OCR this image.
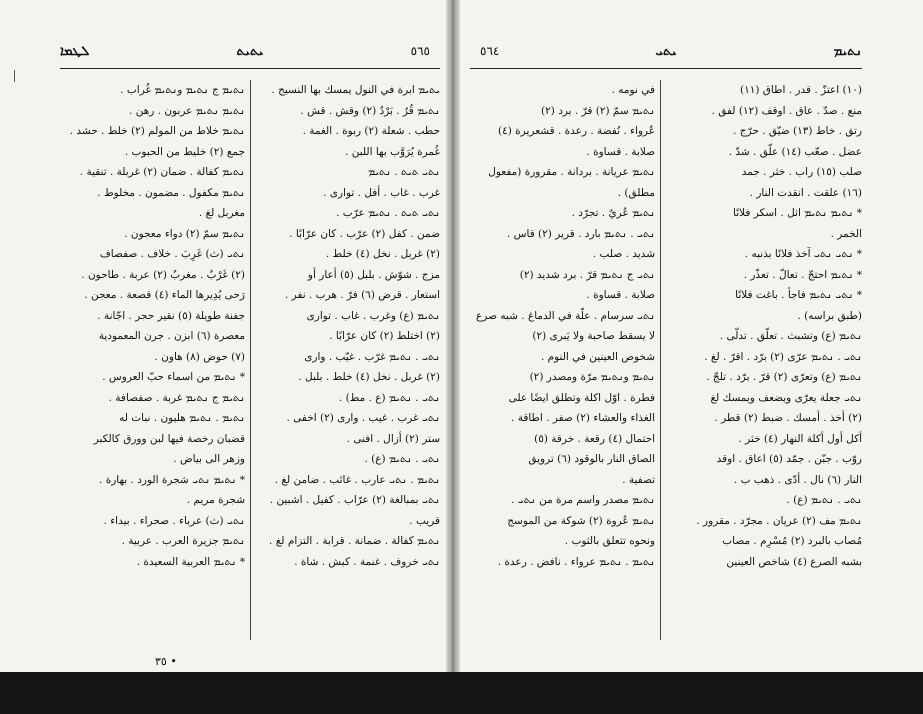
ܠܛܡܐ	ܝܬܝܬ	٥٦٥
ܝܬܝܡ ابرة في النول يمسك بها النسيج .
ܢܬܝܡ قُرٌ . بَرْدٌ (٢) وقش . قش .
حطب . شعلة (٢) ربوة . الغمة .
غُمرة يُرَوَّب بها اللبن .
ܢܬܝ ܬܝܬ . ܢܬܝܡ
غرب . غاب . أفل . توارى .
ܢܬܝ ܬܝܬ . ܢܬܝܡ عرّب .
ضمن . كفل (٢) عرّب . كان عرّابًا .
(٢) غربل . نخل (٤) خلط .
مزج . شوّش . بلبل (٥) أعار أو
استعار . قرض (٦) فرّ . هرب . نفر .
ܢܬܝܡ (ع) وغرب . غاب . توارى
(٢) اختلط (٢) كان عرّابًا .
ܢܬܝ . ܢܬܝܡ غرّب . غيّب . وارى
(٢) غربل . نخل (٤) خلط . بلبل .
ܢܬܝ . ܢܬܝܡ (ع . مط) .
ܢܬܝ غرب . غيب . وارى (٢) اخفى .
ستر (٢) أزال . افنى .
ܢܬܝ . ܢܬܝܡ (ع) .
ܢܬܝܡ . ܢܬܝ عارب . غائب . ضامن لغ .
ܢܬܝ بمبالغة (٢) عرّاب . كفيل . اشبين .
قريب .
ܢܬܝܡ كفالة . ضمانة . قرابة . التزام لغ .
ܢܬܝ خروف . غنمة . كبش . شاة .
ܢܬܝܡ ج ܢܬܝܡ وܢܬܝܡ غُراب .
ܢܬܝܡ ܢܬܝܡ عربون . رهن .
ܢܬܝܡ خلاط من المولم (٢) خلط . حشد .
جمع (٢) خليط من الحبوب .
ܢܬܝܡ كفالة . ضمان (٢) غربلة . تنقية .
ܢܬܝܡ مكفول . مضمون . مخلوط .
مغربل لغ .
ܢܬܝܡ سمّ (٢) دواء معجون .
ܢܬܝ (ث) غَرِبَ . خلاف . صفصاف
(٢) غَرْبٌ . مغربٌ (٢) عربة . طاحون .
رَحى يُدِيرها الماء (٤) قصعة . معجن .
جفنة طويلة (٥) نقير حجر . اجّانة .
معصرة (٦) ابزن . جرن المعمودية
(٧) حوض (٨) هاون .
* ܢܬܝܡ من اسماء حبّ العروس .
ܢܬܝܡ ج ܢܬܝܡ غربة . صفصافة .
ܢܬܝܡ . ܢܬܝܡ هليون . نبات له
قضبان رخصة فيها لبن وورق كالكبر
وزهر الى بياض .
* ܢܬܝܡ ܢܬܝ شجرة الورد . بهارة .
شجرة مريم .
ܢܬܝ (ث) عرباء . صحراء . بيداء .
ܢܬܝܡ جزيرة العرب . عربية .
* ܢܬܝܡ العربية السعيدة .
٣٥ •
٥٦٤	ܝܬܝ	ܢܬܝܡ
(١٠) اعتزّ . قدر . اطاق (١١)
منع . صدّ . عاق . اوقف (١٢) لفق .
رتق . خاط (١٣) ضيّق . حرّج .
عضل . صعّب (١٤) علّق . شدّ .
صلب (١٥) راب . خثر . جمد
(١٦) علقت . انقدت النار .
* ܢܬܝܡ ܢܬܝܡ اثل . اسكر فلانًا
الخمر .
* ܢܬܝ ܢܬܝ آخذ فلانًا بذنبه .
* ܢܬܝܡ احتجّ . تعالّ . تعذّر .
* ܢܬܝ ܢܬܝܡ فاجأ . باغت فلانًا
(طبق براسه) .
ܢܬܝܡ (ع) وتشبث . تعلّق . تدلّى .
ܢܬܝ . ܢܬܝܡ عرّى (٢) برّد . اقرّ . لغ .
ܢܬܝܡ (ع) وتعرّى (٢) قرّ . برّد . تلجّ .
ܢܬܝ جعلة يعرّى ويضعف ويمسك لغ
(٢) أخذ . أمسك . ضبط (٢) قطر .
أكل أول أكلة النهار (٤) خثر .
روّب . جبّن . جمّد (٥) اعاق . اوقد
النار (٦) نال . أدّى . ذهب ب .
ܢܬܝ . ܢܬܝܡ (ع) .
ܢܬܝܡ مف (٢) عريان . مجرّد . مقرور .
مُصاب بالبرد (٢) مُسْرِم . مصاب
بشبه الصرع (٤) شاخص العينين
في نومه .
ܢܬܝܡ سمّ (٢) قرّ . برد (٢)
عُرواء . نُفضة . رعدة . قشعريرة (٤)
صلابة . قساوة .
ܢܬܝܡ عريانة . بردانة . مقرورة (مفعول
مطلق) .
ܢܬܝܡ عُريٌ . تجرّد .
ܢܬܝ . ܢܬܝܡ بارد . قرير (٢) قاس .
شديد . صلب .
ܢܬܝ ج ܢܬܝܡ قرّ . برد شديد (٢)
صلابة . قساوة .
ܢܬܝ سرسام . علّة في الدماغ . شبه صرع
لا يسقط صاحبة ولا يَبرى (٢)
شخوص العينين في النوم .
ܢܬܝܡ وܢܬܝܡ مرّة ومصدر (٢)
فطرة . اوّل اكلة وتطلق ايضًا على
الغذاء والعشاء (٢) صفر . اطاقة .
احتمال (٤) رقعة . خرقة (٥)
الصاق النار بالوقود (٦) ترويق
تصفية .
ܢܬܝܡ مصدر واسم مرة من ܢܬܝ .
ܢܬܝܡ عُروة (٢) شوكة من الموسج
ونحوه تتعلق بالثوب .
ܢܬܝܡ . ܢܬܝܡ عرواء . نافض . رعدة .
